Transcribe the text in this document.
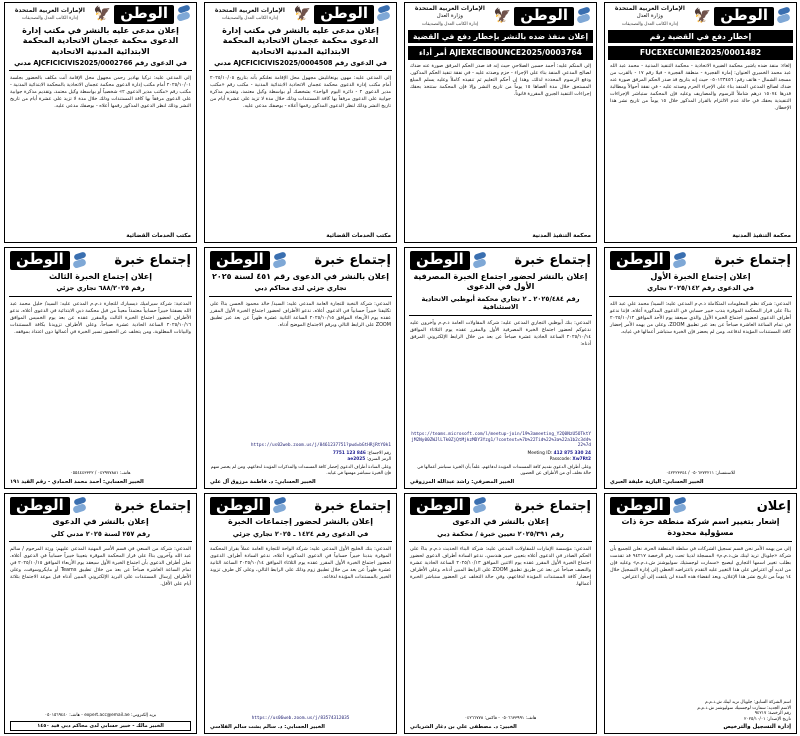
الوطن
🦅
الإمارات العربية المتحدة
وزارة العدل
إدارة الكاتب العدل والتصديقات
إخطار دفع في القضية رقم
FUCEXECUMIE2025/0001482
إلغاء: منفذ ضده ياشبر محكمة الضيرة الاتحادية - محكمة التنفيذ المدنية - محمد عبد الله عبد محمد الخميري العنوان: إمارة الفجيرة - منطقة الفجيرة - فيلا رقم ١٧ - بالقرب من مسجد الشمال - هاتف رقم: ٠٥٠١٢٣٤٥٦ حيث إنه بتاريخ قد صدر الحكم المرفق صورة عنه ضدك لصالح المدعي المنفذ بناء على الإجراء الحرم وصدته عليه - في نفقة أحوالاً ومطالبة قدرها ١٥٠٧٤ درهم شاملاً للرسوم والمصاريف وعليه فإن المحكمة ستباشر الإجراءات التنفيذية بحقك في حالة عدم الالتزام بالقرار المذكور خلال ١٥ يوماً من تاريخ نشر هذا الإخطار.
محكمة التنفيذ المدنية
الوطن
🦅
الإمارات العربية المتحدة
وزارة العدل
إدارة الكاتب العدل والتصديقات
إعلان منفذ ضده بالنشر بإخطار دفع في القضية
AJIEXECIBOUNCE2025/0003764 أمر أداء
إلى المنكم عليه: أحمد حسين الصلاحي حيث إنه قد صدر الحكم المرفق صورة عنه ضدك لصالح المدعي المنفذ بناء على الإجراء - حزم وصدته عليه - في نفقة تنفيذ الحكم المذكور، ودفع الرسوم المحددة لذلك، وهذا إن أحكم التعليم ثم تنفيذه كاملاً وعليه يسلم المبلغ المستحق خلال مدة أقصاها ١٥ يوماً من تاريخ النشر وإلا فإن المحكمة ستتخذ بحقك إجراءات التنفيذ الجبري المقررة قانوناً.
محكمة التنفيذ المدنية
الوطن
🦅
الإمارات العربية المتحدة
إدارة الكاتب العدل والتصديقات
إعلان مدعى عليه بالنشر في مكتب إدارة الدعوى محكمة عجمان الاتحادية المحكمة الابتدائية المدنية الاتحادية
في الدعوى رقم AJCFICICIVIS2025/0004508 مدني
إلى المدعى عليه: مهون يونغانليش مجهول محل الإقامة نعلنكم بأنه بتاريخ ٢٠٢٥/١٠/٠٥ أمام مكتب إدارة الدعوى محكمة عجمان الاتحادية الابتدائية المدنية - مكتب رقم «مكتب مدير الدعوى ٢ - دائرة اليوم الواحد» بشخصك أو بواسطة وكيل معتمد، وتقديم مذكرة جوابية على الدعوى مرفقاً بها كافة المستندات وذلك خلال مدة لا تزيد على عشرة أيام من تاريخ النشر وذلك لنظر الدعوى المذكور رقمها أعلاه - بوصفك مدعى عليه.
مكتب الخدمات القضائية
الوطن
🦅
الإمارات العربية المتحدة
إدارة الكاتب العدل والتصديقات
إعلان مدعى عليه بالنشر في مكتب إدارة الدعوى محكمة عجمان الاتحادية المحكمة الابتدائية المدنية الاتحادية
في الدعوى رقم AJCFICICIVIS2025/0002766 مدني
إلى المدعى عليه: تركيا بهادير رحمن مجهول محل الإقامة أنت مكلف بالحضور بجلسة ٢٠٢٥/١٠/٠١ أمام مكتب إدارة الدعوى محكمة عجمان الاتحادية بالمحكمة الابتدائية المدنية - مكتب رقم «مكتب مدير الدعوى ٢» شخصياً أو بواسطة وكيل معتمد، وتقديم مذكرة جوابية على الدعوى مرفقاً بها كافة المستندات وذلك خلال مدة لا تزيد على عشرة أيام من تاريخ النشر وذلك لنظر الدعوى المذكور رقمها أعلاه - بوصفك مدعى عليه.
مكتب الخدمات القضائية
إجتماع خبرة
الوطن
إعلان إجتماع الخبرة الأول
في الدعوى رقم ٢٠٢٥/١٤٢ تجاري
المدعي: شركة نظم المعلومات المتكاملة ذ.م.م المدعى عليه: السيد/ محمد علي عبد الله بناءً على قرار المحكمة الموقرة بندب خبير حسابي في الدعوى المذكورة أعلاه، فإننا ندعو أطراف الدعوى لحضور اجتماع الخبرة الأول والذي سيعقد يوم الأحد الموافق ٢٠٢٥/١٠/١٢ في تمام الساعة العاشرة صباحاً عن بعد عبر تطبيق ZOOM، وعلى من يهمه الأمر إحضار كافة المستندات المؤيدة لدفاعه، ومن لم يحضر فإن الخبرة ستباشر أعمالها في غيابه.
للاستفسار: ٠٥٠٦٣٧٢٢١١ / ٠٤٢٢٢٣٣٤٤
الخبير الحسابي: اليازية خليفة العبري
إجتماع خبرة
الوطن
إعلان بالنشر لحضور اجتماع الخبرة المصرفية الأول في الدعوى
رقم ٢٠٢٥/٤٨٤ ـ ٢ تجاري محكمة أبوظبي الاتحادية الاستئنافية
المدعي: بنك أبوظبي التجاري المدعى عليه: شركة المقاولات العامة ذ.م.م وآخرون عليه ندعوكم لحضور اجتماع الخبرة المصرفية الأول والمقرر عقده يوم الثلاثاء الموافق ٢٠٢٥/١٠/١٤ الساعة الحادية عشرة صباحاً عن بعد من خلال الرابط الإلكتروني المرفق أدناه:
https://teams.microsoft.com/l/meetup-join/19%3ameeting_Y2Q0NzU5OTktYjM2Ny00ZWJlLTk0ZjQtMjkzMDY3Yzg1/?context=%7b%22Tid%22%3a%22a1b2c3d4%22%7d
Meeting ID: 412 875 330 24
Passcode: Xw7Rt2
وعلى أطراف الدعوى تقديم كافة المستندات المؤيدة لدفاعهم، علماً بأن الخبرة ستباشر أعمالها في حالة تخلف أي من الأطراف عن الحضور.
الخبير المصرفي: راشد عبدالله المرزوقي
إجتماع خبرة
الوطن
إعلان بالنشر في الدعوى رقم ٤٥١ لسنة ٢٠٢٥
تجاري جزئي لدى محاكم دبي
المدعي: شركة النخبة للتجارة العامة المدعى عليه: السيد/ خالد محمود الحسن بناءً على تكليفنا خبيراً حسابياً في الدعوى أعلاه، ندعو الأطراف لحضور اجتماع الخبرة الأول المقرر عقده يوم الأربعاء الموافق ٢٠٢٥/١٠/١٥ الساعة الثانية عشرة ظهراً عن بعد عبر تطبيق ZOOM على الرابط التالي وبرقم الاجتماع الموضح أدناه.
https://us02web.zoom.us/j/8461237751?pwd=bGtHRjRtY0k1
رقم الاجتماع: 846 123 7751
الرمز السري: ae2025
وعلى السادة أطراف الدعوى إحضار كافة المستندات والمذكرات المؤيدة لدفاعهم، ومن لم يحضر منهم فإن الخبرة ستباشر مهمتها في غيابه.
الخبير الحسابي: د. فاطمة مرزوق آل علي
إجتماع خبرة
الوطن
إعلان إجتماع الخبرة الثالث
رقم ٦٨٨/٢٠٢٥ تجاري جزئي
المدعية: شركة سيراميك ديسبارك للتجارة ذ.م.م المدعى عليه: السيد/ خليل محمد عبد الله بصفتنا خبيراً حسابياً معتمداً معيناً من قبل محكمة دبي الابتدائية في الدعوى أعلاه، ندعو الأطراف لحضور اجتماع الخبرة الثالث والمقرر عقده عن بعد يوم الخميس الموافق ٢٠٢٥/١٠/١٦ الساعة الحادية عشرة صباحاً، وعلى الأطراف تزويدنا بكافة المستندات والبيانات المطلوبة، ومن يتخلف عن الحضور تسير الخبرة في أعمالها دون اعتداد بموقفه.
هاتف: ٠٤٢٩٧٧٨٨١ / ٠٥٥٤٤٤٣٣٢٢
الخبير الحسابي: أحمد محمد الحمادي - رقم القيد ١٩١
إعلان
الوطن
إشعار بتغيير اسم شركة منطقة حرة ذات مسؤولية محدودة
إلى من يهمه الأمر نحن قسم تسجيل الشركات في سلطة المنطقة الحرة، نعلن للجميع بأن شركة «جلوبال تريد لينك ش.ذ.م.م» المسجلة لدينا تحت رقم الرخصة ٩٤٢١٧ قد تقدمت بطلب تغيير اسمها التجاري ليصبح «سمارت لوجستيك سوليوشنز ش.ذ.م.م» وعليه فإن من لديه أي اعتراض على هذا التغيير عليه التقدم باعتراضه الخطي إلى إدارة التسجيل خلال ١٤ يوماً من تاريخ نشر هذا الإعلان، وبعد انقضاء هذه المدة لن يلتفت إلى أي اعتراض.
اسم الشركة السابق: جلوبال تريد لينك ش.ذ.م.م
الاسم الجديد: سمارت لوجستيك سوليوشنز ش.ذ.م.م
رقم الرخصة: ٩٤٢١٧
تاريخ الإصدار: ٢٠٢٥/١٠/٠١
إدارة التسجيل والترخيص
إجتماع خبرة
الوطن
إعلان بالنشر في الدعوى
رقم ٢٠٢٥/٣٩١ تعيين خبرة / محكمة دبي
المدعي: مؤسسة الإمارات للمقاولات المدعى عليه: شركة البناء الحديث ذ.م.م بناءً على الحكم الصادر في الدعوى أعلاه بتعيين خبير هندسي، ندعو السادة أطراف الدعوى لحضور اجتماع الخبرة الأول المقرر عقده يوم الاثنين الموافق ٢٠٢٥/١٠/١٣ الساعة الحادية عشرة والنصف صباحاً عن بعد عن طريق تطبيق ZOOM على الرابط المبين أدناه، وعلى الأطراف إحضار كافة المستندات المؤيدة لدفاعهم، وفي حالة التخلف عن الحضور ستباشر الخبرة أعمالها.
هاتف: ٠٥٠٦٦٣٣٩٩١ - فاكس: ٠٤٢٦٦٧٧٨
الخبير: د. مصطفى علي بن دغار الشرياني
إجتماع خبرة
الوطن
إعلان بالنشر لحضور إجتماعات الخبرة
في الدعوى رقم ١٤٢٤ ـ ٢٠٢٥ تجاري جزئي
المدعي: بنك الخليج الأول المدعى عليه: شركة الواحة للتجارة العامة عملاً بقرار المحكمة الموقرة بندبنا خبيراً حسابياً في الدعوى المذكورة أعلاه، ندعو السادة أطراف الدعوى لحضور اجتماع الخبرة الأول المقرر عقده يوم الثلاثاء الموافق ٢٠٢٥/١٠/١٤ الساعة الثانية عشرة ظهراً عن بعد من خلال تطبيق زوم وذلك على الرابط التالي، وعلى كل طرف تزويد الخبير بالمستندات المؤيدة لدفاعه.
https://us06web.zoom.us/j/83574312035
الخبير الحسابي: د. سالم بشت سالم الفلاسي
إجتماع خبرة
الوطن
إعلان بالنشر في الدعوى
رقم ٢٥٧ لسنة ٢٠٢٥ مدني كلي
المدعي: شركة من السعي في قسم الأسر المهنية المدعى عليهم: ورثة المرحوم / سالم عبد الله وآخرون بناءً على قرار المحكمة الموقرة بتعيينا خبيراً حسابياً في الدعوى أعلاه، نعلن أطراف الدعوى بأن اجتماع الخبرة الأول سيعقد يوم الأربعاء الموافق ٢٠٢٥/١٠/١٥ في تمام الساعة العاشرة صباحاً عن بعد من خلال تطبيق Teams أو مايكروسوفت، وعلى الأطراف إرسال المستندات على البريد الإلكتروني المبين أدناه قبل موعد الاجتماع بثلاثة أيام على الأقل.
بريد إلكتروني: expert.acc@email.ae - هاتف: ٠٥٠١٥٦٩٤٤٠
الخبير مالك - خبير حسابي لدى محاكم دبي قيد ١٤٥٠
